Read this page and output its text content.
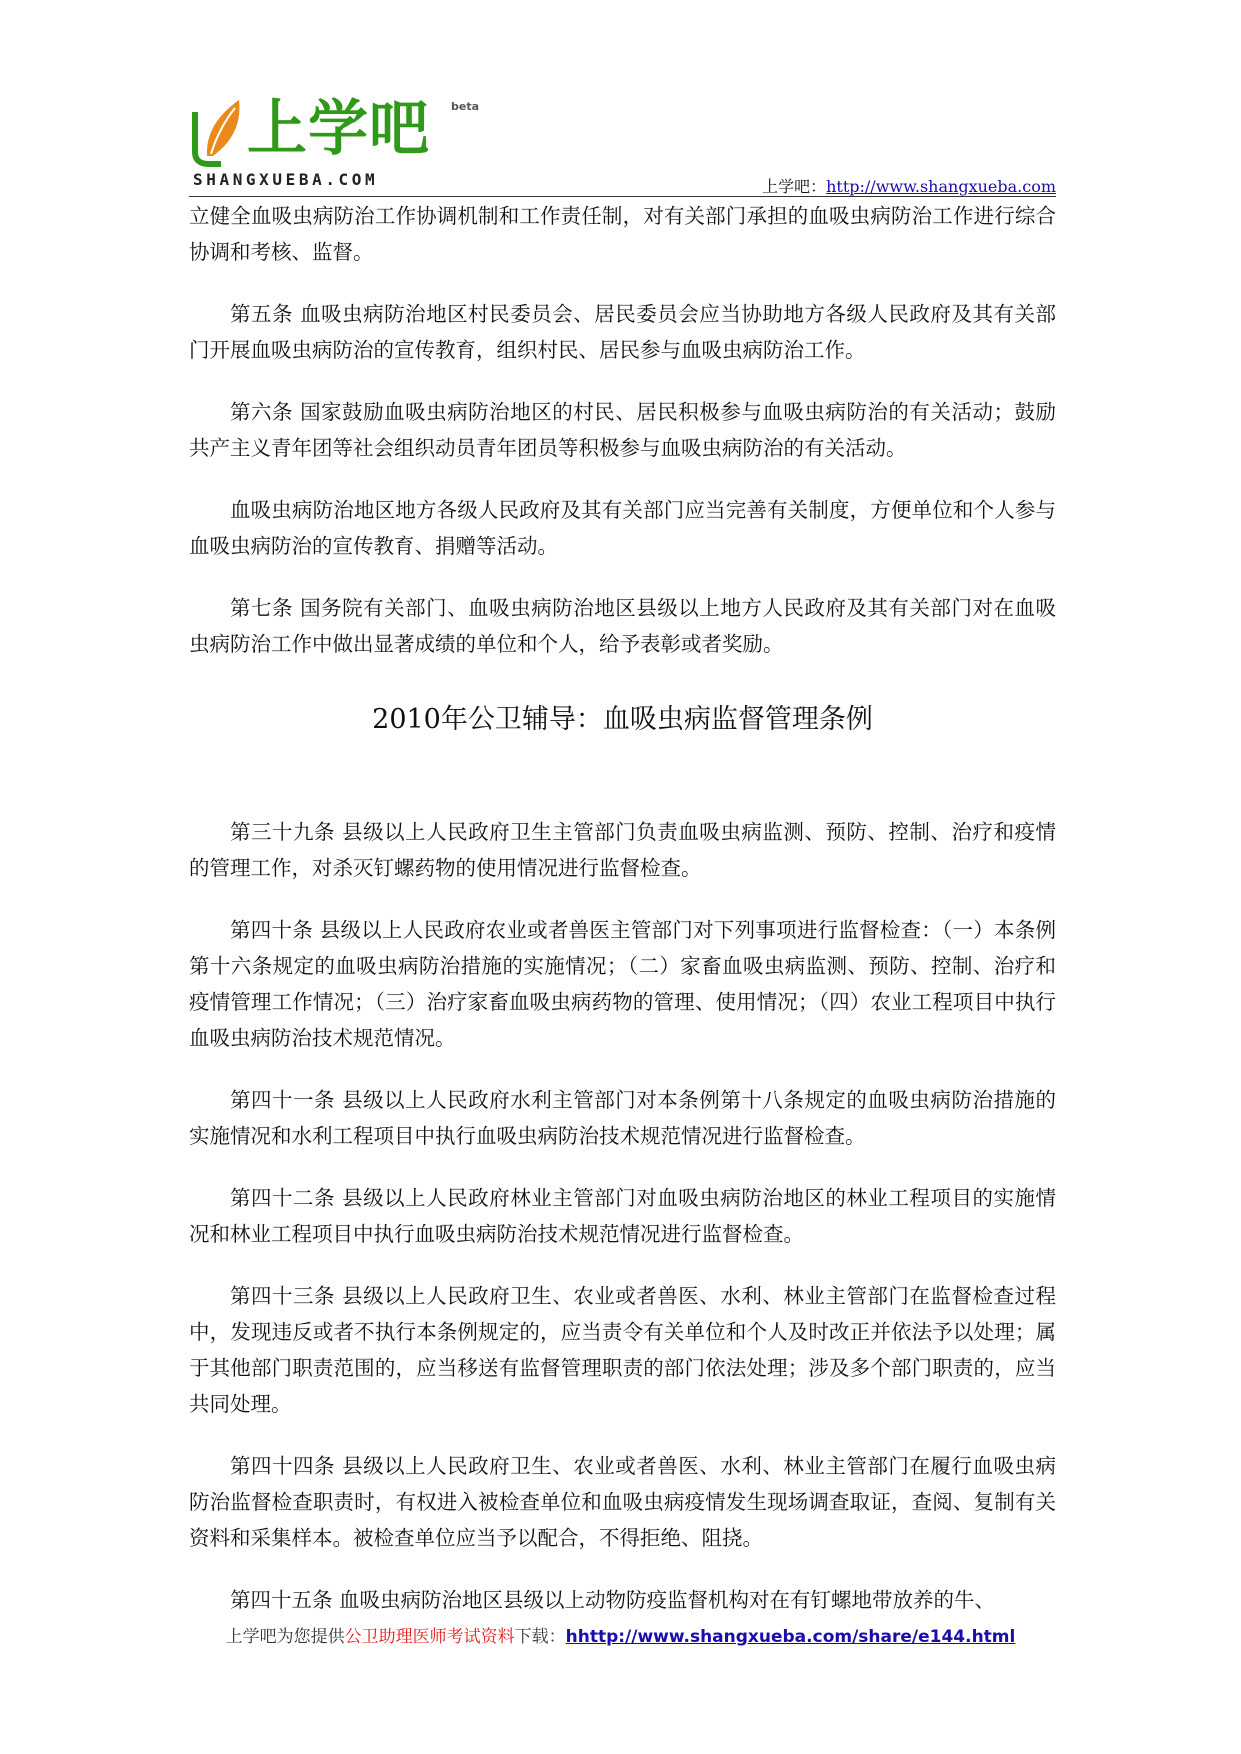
上学吧 beta
SHANGXUEBA.COM	上学吧：http://www.shangxueba.com

立健全血吸虫病防治工作协调机制和工作责任制，对有关部门承担的血吸虫病防治工作进行综合协调和考核、监督。

第五条 血吸虫病防治地区村民委员会、居民委员会应当协助地方各级人民政府及其有关部门开展血吸虫病防治的宣传教育，组织村民、居民参与血吸虫病防治工作。

第六条 国家鼓励血吸虫病防治地区的村民、居民积极参与血吸虫病防治的有关活动；鼓励共产主义青年团等社会组织动员青年团员等积极参与血吸虫病防治的有关活动。

血吸虫病防治地区地方各级人民政府及其有关部门应当完善有关制度，方便单位和个人参与血吸虫病防治的宣传教育、捐赠等活动。

第七条 国务院有关部门、血吸虫病防治地区县级以上地方人民政府及其有关部门对在血吸虫病防治工作中做出显著成绩的单位和个人，给予表彰或者奖励。

2010年公卫辅导：血吸虫病监督管理条例

第三十九条 县级以上人民政府卫生主管部门负责血吸虫病监测、预防、控制、治疗和疫情的管理工作，对杀灭钉螺药物的使用情况进行监督检查。

第四十条 县级以上人民政府农业或者兽医主管部门对下列事项进行监督检查：（一）本条例第十六条规定的血吸虫病防治措施的实施情况；（二）家畜血吸虫病监测、预防、控制、治疗和疫情管理工作情况；（三）治疗家畜血吸虫病药物的管理、使用情况；（四）农业工程项目中执行血吸虫病防治技术规范情况。

第四十一条 县级以上人民政府水利主管部门对本条例第十八条规定的血吸虫病防治措施的实施情况和水利工程项目中执行血吸虫病防治技术规范情况进行监督检查。

第四十二条 县级以上人民政府林业主管部门对血吸虫病防治地区的林业工程项目的实施情况和林业工程项目中执行血吸虫病防治技术规范情况进行监督检查。

第四十三条 县级以上人民政府卫生、农业或者兽医、水利、林业主管部门在监督检查过程中，发现违反或者不执行本条例规定的，应当责令有关单位和个人及时改正并依法予以处理；属于其他部门职责范围的，应当移送有监督管理职责的部门依法处理；涉及多个部门职责的，应当共同处理。

第四十四条 县级以上人民政府卫生、农业或者兽医、水利、林业主管部门在履行血吸虫病防治监督检查职责时，有权进入被检查单位和血吸虫病疫情发生现场调查取证，查阅、复制有关资料和采集样本。被检查单位应当予以配合，不得拒绝、阻挠。

第四十五条 血吸虫病防治地区县级以上动物防疫监督机构对在有钉螺地带放养的牛、

上学吧为您提供公卫助理医师考试资料下载：hhttp://www.shangxueba.com/share/e144.html
